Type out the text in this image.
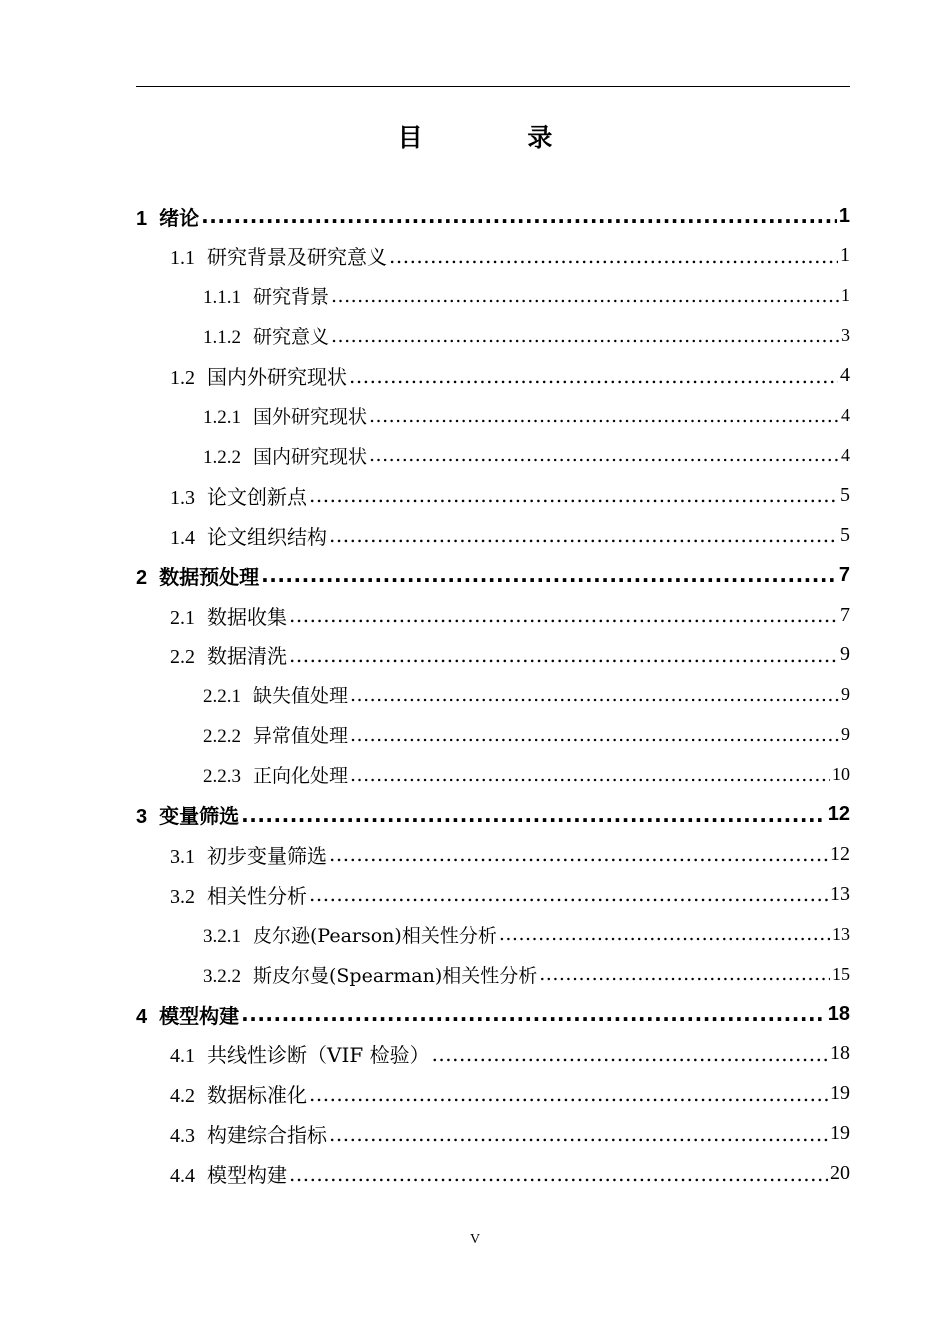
目 录
1 绪论 .....	1
1.1 研究背景及研究意义 .....	1
1.1.1 研究背景 .....	1
1.1.2 研究意义 .....	3
1.2 国内外研究现状 .....	4
1.2.1 国外研究现状 .....	4
1.2.2 国内研究现状 .....	4
1.3 论文创新点 .....	5
1.4 论文组织结构 .....	5
2 数据预处理 .....	7
2.1 数据收集 .....	7
2.2 数据清洗 .....	9
2.2.1 缺失值处理 .....	9
2.2.2 异常值处理 .....	9
2.2.3 正向化处理 .....	10
3 变量筛选 .....	12
3.1 初步变量筛选 .....	12
3.2 相关性分析 .....	13
3.2.1 皮尔逊(Pearson)相关性分析 .....	13
3.2.2 斯皮尔曼(Spearman)相关性分析 .....	15
4 模型构建 .....	18
4.1 共线性诊断（VIF 检验） .....	18
4.2 数据标准化 .....	19
4.3 构建综合指标 .....	19
4.4 模型构建 .....	20
V
